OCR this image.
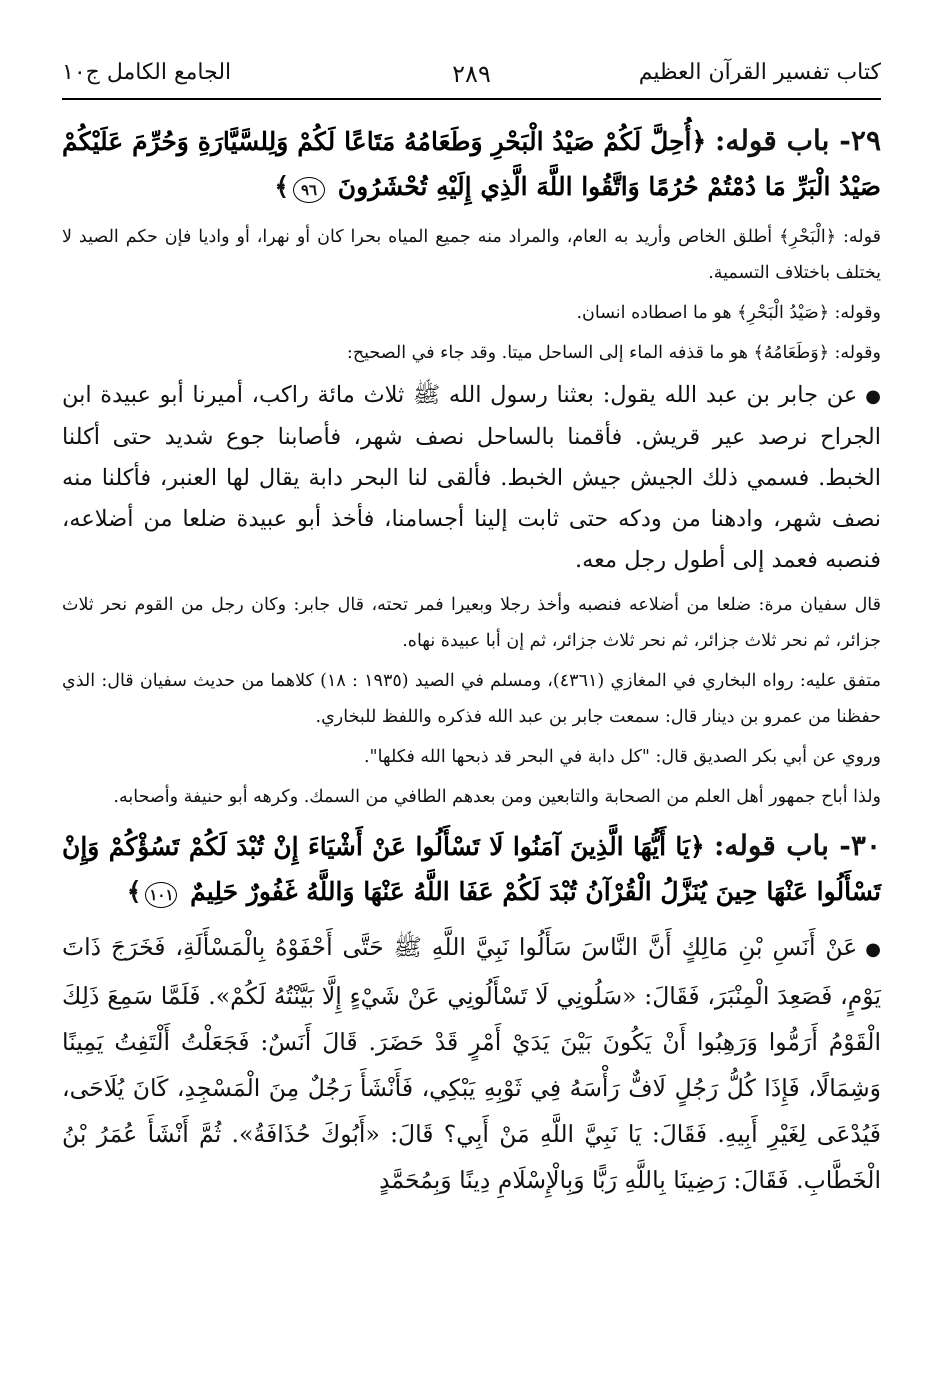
كتاب تفسير القرآن العظيم
٢٨٩
الجامع الكامل ج١٠

٢٩- باب قوله: ﴿أُحِلَّ لَكُمْ صَيْدُ الْبَحْرِ وَطَعَامُهُ مَتَاعًا لَكُمْ وَلِلسَّيَّارَةِ وَحُرِّمَ عَلَيْكُمْ صَيْدُ الْبَرِّ مَا دُمْتُمْ حُرُمًا وَاتَّقُوا اللَّهَ الَّذِي إِلَيْهِ تُحْشَرُونَ ٩٦﴾

قوله: ﴿الْبَحْرِ﴾ أطلق الخاص وأريد به العام، والمراد منه جميع المياه بحرا كان أو نهرا، أو واديا فإن حكم الصيد لا يختلف باختلاف التسمية.

وقوله: ﴿صَيْدُ الْبَحْرِ﴾ هو ما اصطاده انسان.

وقوله: ﴿وَطَعَامُهُ﴾ هو ما قذفه الماء إلى الساحل ميتا. وقد جاء في الصحيح:

●عن جابر بن عبد الله يقول: بعثنا رسول الله ﷺ ثلاث مائة راكب، أميرنا أبو عبيدة ابن الجراح نرصد عير قريش. فأقمنا بالساحل نصف شهر، فأصابنا جوع شديد حتى أكلنا الخبط. فسمي ذلك الجيش جيش الخبط. فألقى لنا البحر دابة يقال لها العنبر، فأكلنا منه نصف شهر، وادهنا من ودكه حتى ثابت إلينا أجسامنا، فأخذ أبو عبيدة ضلعا من أضلاعه، فنصبه فعمد إلى أطول رجل معه.

قال سفيان مرة: ضلعا من أضلاعه فنصبه وأخذ رجلا وبعيرا فمر تحته، قال جابر: وكان رجل من القوم نحر ثلاث جزائر، ثم نحر ثلاث جزائر، ثم نحر ثلاث جزائر، ثم إن أبا عبيدة نهاه.

متفق عليه: رواه البخاري في المغازي (٤٣٦١)، ومسلم في الصيد (١٩٣٥ : ١٨) كلاهما من حديث سفيان قال: الذي حفظنا من عمرو بن دينار قال: سمعت جابر بن عبد الله فذكره واللفظ للبخاري.

وروي عن أبي بكر الصديق قال: "كل دابة في البحر قد ذبحها الله فكلها".

ولذا أباح جمهور أهل العلم من الصحابة والتابعين ومن بعدهم الطافي من السمك. وكرهه أبو حنيفة وأصحابه.

٣٠- باب قوله: ﴿يَا أَيُّهَا الَّذِينَ آمَنُوا لَا تَسْأَلُوا عَنْ أَشْيَاءَ إِنْ تُبْدَ لَكُمْ تَسُؤْكُمْ وَإِنْ تَسْأَلُوا عَنْهَا حِينَ يُنَزَّلُ الْقُرْآنُ تُبْدَ لَكُمْ عَفَا اللَّهُ عَنْهَا وَاللَّهُ غَفُورٌ حَلِيمٌ ١٠١﴾

●عَنْ أَنَسِ بْنِ مَالِكٍ أَنَّ النَّاسَ سَأَلُوا نَبِيَّ اللَّهِ ﷺ حَتَّى أَحْفَوْهُ بِالْمَسْأَلَةِ، فَخَرَجَ ذَاتَ يَوْمٍ، فَصَعِدَ الْمِنْبَرَ، فَقَالَ: «سَلُونِي لَا تَسْأَلُونِي عَنْ شَيْءٍ إِلَّا بَيَّنْتُهُ لَكُمْ». فَلَمَّا سَمِعَ ذَلِكَ الْقَوْمُ أَرَمُّوا وَرَهِبُوا أَنْ يَكُونَ بَيْنَ يَدَيْ أَمْرٍ قَدْ حَضَرَ. قَالَ أَنَسٌ: فَجَعَلْتُ أَلْتَفِتُ يَمِينًا وَشِمَالًا، فَإِذَا كُلُّ رَجُلٍ لَافٌّ رَأْسَهُ فِي ثَوْبِهِ يَبْكِي، فَأَنْشَأَ رَجُلٌ مِنَ الْمَسْجِدِ، كَانَ يُلَاحَى، فَيُدْعَى لِغَيْرِ أَبِيهِ. فَقَالَ: يَا نَبِيَّ اللَّهِ مَنْ أَبِي؟ قَالَ: «أَبُوكَ حُذَافَةُ». ثُمَّ أَنْشَأَ عُمَرُ بْنُ الْخَطَّابِ. فَقَالَ: رَضِينَا بِاللَّهِ رَبًّا وَبِالْإِسْلَامِ دِينًا وَبِمُحَمَّدٍ
